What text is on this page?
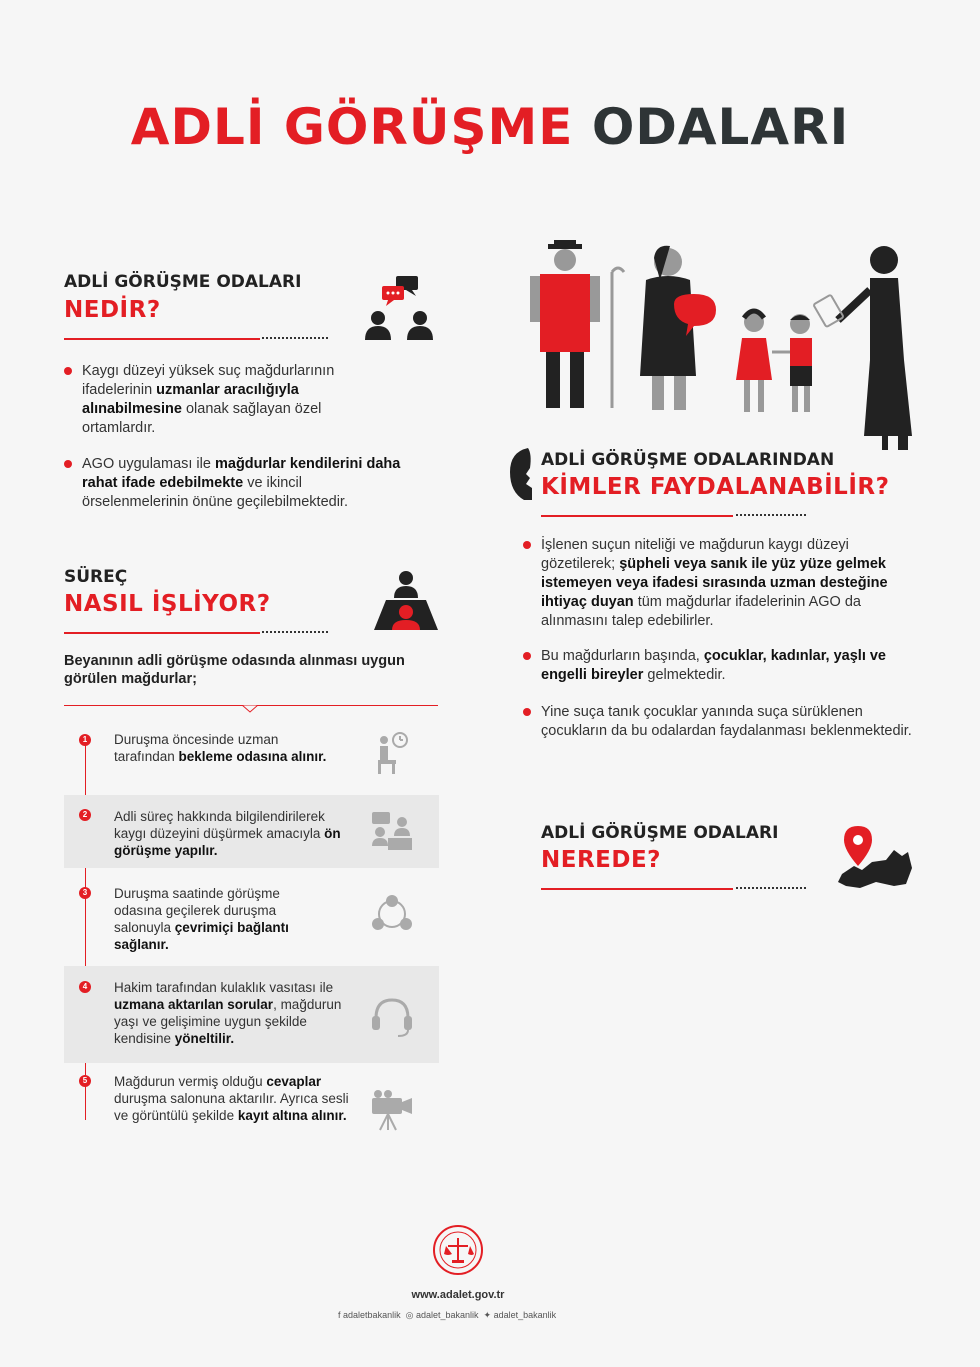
ADLİ GÖRÜŞME ODALARI
ADLİ GÖRÜŞME ODALARI
NEDİR?
Kaygı düzeyi yüksek suç mağdurlarının ifadelerinin uzmanlar aracılığıyla alınabilmesine olanak sağlayan özel ortamlardır.
AGO uygulaması ile mağdurlar kendilerini daha rahat ifade edebilmekte ve ikincil örselenmelerinin önüne geçilebilmektedir.
SÜREÇ
NASIL İŞLİYOR?
Beyanının adli görüşme odasında alınması uygun görülen mağdurlar;
1 Duruşma öncesinde uzman tarafından bekleme odasına alınır.
2 Adli süreç hakkında bilgilendirilerek kaygı düzeyini düşürmek amacıyla ön görüşme yapılır.
3 Duruşma saatinde görüşme odasına geçilerek duruşma salonuyla çevrimiçi bağlantı sağlanır.
4 Hakim tarafından kulaklık vasıtası ile uzmana aktarılan sorular, mağdurun yaşı ve gelişimine uygun şekilde kendisine yöneltilir.
5 Mağdurun vermiş olduğu cevaplar duruşma salonuna aktarılır. Ayrıca sesli ve görüntülü şekilde kayıt altına alınır.
ADLİ GÖRÜŞME ODALARINDAN
KİMLER FAYDALANABİLİR?
İşlenen suçun niteliği ve mağdurun kaygı düzeyi gözetilerek; şüpheli veya sanık ile yüz yüze gelmek istemeyen veya ifadesi sırasında uzman desteğine ihtiyaç duyan tüm mağdurlar ifadelerinin AGO da alınmasını talep edebilirler.
Bu mağdurların başında, çocuklar, kadınlar, yaşlı ve engelli bireyler gelmektedir.
Yine suça tanık çocuklar yanında suça sürüklenen çocukların da bu odalardan faydalanması beklenmektedir.
ADLİ GÖRÜŞME ODALARI
NEREDE?
www.adalet.gov.tr
f adaletbakanlik ◎ adalet_bakanlik ✦ adalet_bakanlik
